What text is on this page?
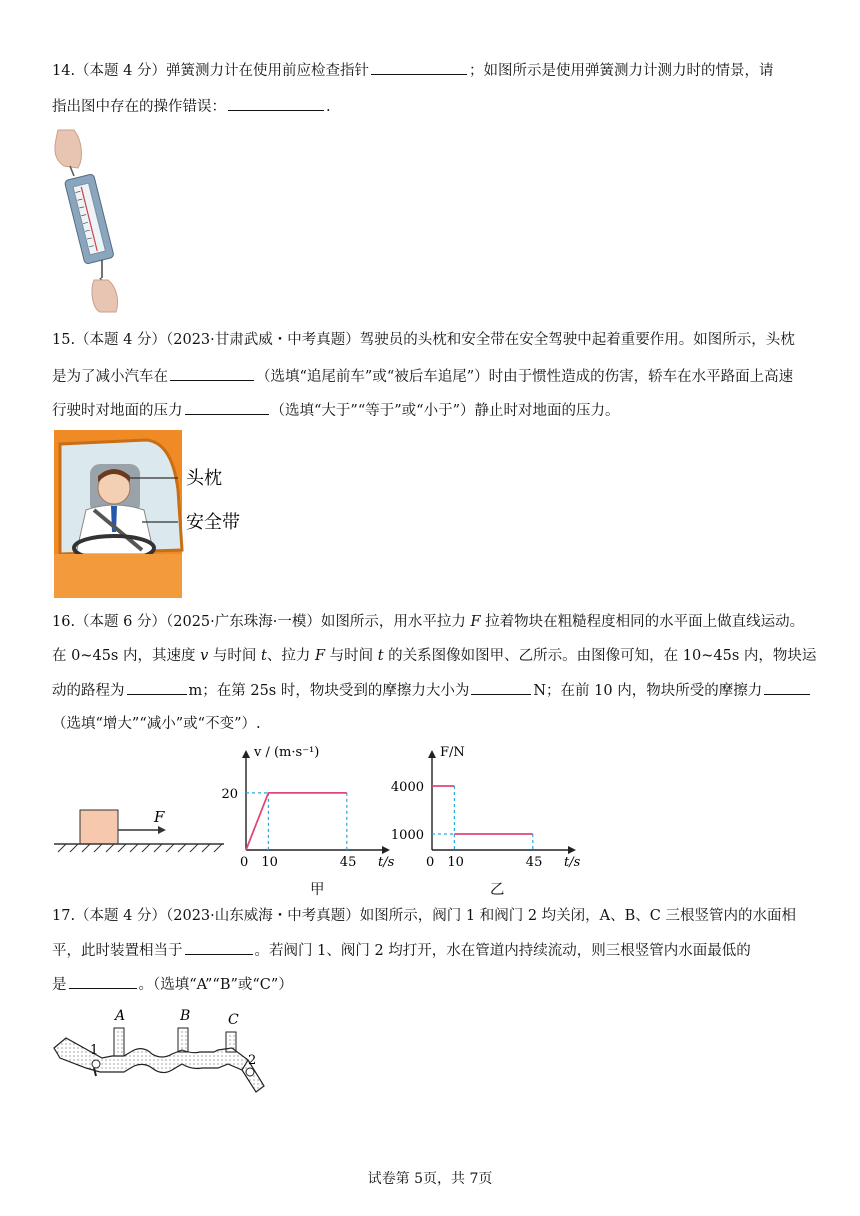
14.（本题 4 分）弹簧测力计在使用前应检查指针	；如图所示是使用弹簧测力计测力时的情景，请
指出图中存在的操作错误：	.
15.（本题 4 分）（2023·甘肃武威・中考真题）驾驶员的头枕和安全带在安全驾驶中起着重要作用。如图所示，头枕
是为了减小汽车在	（选填“追尾前车”或“被后车追尾”）时由于惯性造成的伤害，轿车在水平路面上高速
行驶时对地面的压力	（选填“大于”“等于”或“小于”）静止时对地面的压力。
头枕
安全带
16.（本题 6 分）（2025·广东珠海·一模）如图所示，用水平拉力 F 拉着物块在粗糙程度相同的水平面上做直线运动。
在 0~45s 内，其速度 v 与时间 t、拉力 F 与时间 t 的关系图像如图甲、乙所示。由图像可知，在 10~45s 内，物块运
动的路程为	m；在第 25s 时，物块受到的摩擦力大小为	N；在前 10 内，物块所受的摩擦力
（选填“增大”“减小”或“不变”）.
F
0	t/s
v / (m·s⁻¹)
10	45
20
甲
0	t/s
F/N
10	45
4000
1000
乙
17.（本题 4 分）（2023·山东威海・中考真题）如图所示，阀门 1 和阀门 2 均关闭，A、B、C 三根竖管内的水面相
平，此时装置相当于	。若阀门 1、阀门 2 均打开，水在管道内持续流动，则三根竖管内水面最低的
是	。（选填“A”“B”或“C”）
1
2
A	B	C
试卷第 5页，共 7页
